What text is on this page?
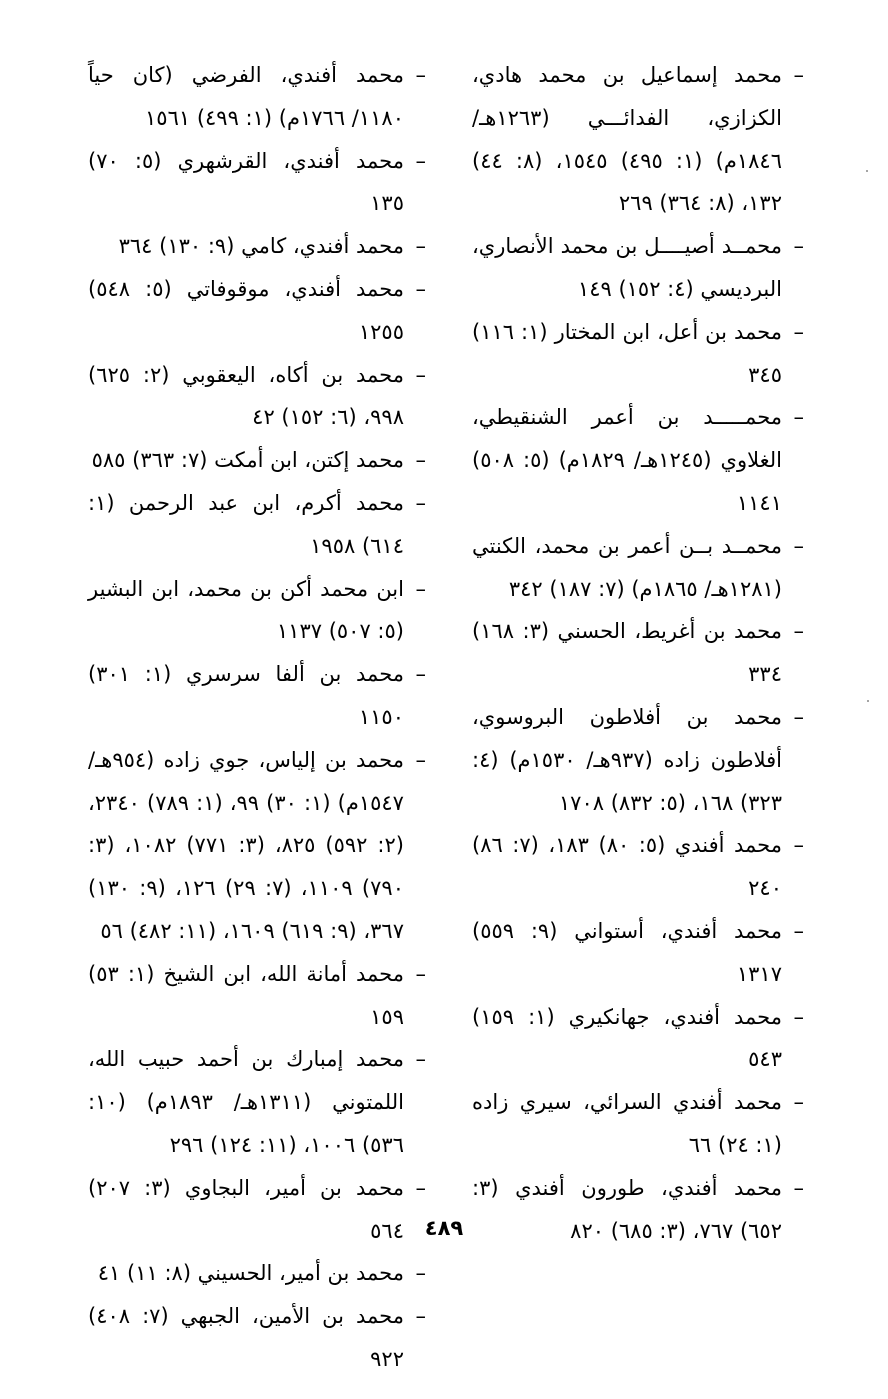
–
محمد إسماعيل بن محمد هادي، الكزازي، الفدائـــي (١٢٦٣هـ/ ١٨٤٦م) (١: ٤٩٥) ١٥٤٥، (٨: ٤٤) ١٣٢، (٨: ٣٦٤) ٢٦٩
–
محمــد أصيــــل بن محمد الأنصاري، البرديسي (٤: ١٥٢) ١٤٩
–
محمد بن أعل، ابن المختار (١: ١١٦) ٣٤٥
–
محمـــــد بن أعمر الشنقيطي، الغلاوي (١٢٤٥هـ/ ١٨٢٩م) (٥: ٥٠٨) ١١٤١
–
محمــد بــن أعمر بن محمد، الكنتي (١٢٨١هـ/ ١٨٦٥م) (٧: ١٨٧) ٣٤٢
–
محمد بن أغريط، الحسني (٣: ١٦٨) ٣٣٤
–
محمد بن أفلاطون البروسوي، أفلاطون زاده (٩٣٧هـ/ ١٥٣٠م) (٤: ٣٢٣) ١٦٨، (٥: ٨٣٢) ١٧٠٨
–
محمد أفندي (٥: ٨٠) ١٨٣، (٧: ٨٦) ٢٤٠
–
محمد أفندي، أستواني (٩: ٥٥٩) ١٣١٧
–
محمد أفندي، جهانكيري (١: ١٥٩) ٥٤٣
–
محمد أفندي السرائي، سيري زاده (١: ٢٤) ٦٦
–
محمد أفندي، طورون أفندي (٣: ٦٥٢) ٧٦٧، (٣: ٦٨٥) ٨٢٠
–
محمد أفندي، الفرضي (كان حياً ١١٨٠/ ١٧٦٦م) (١: ٤٩٩) ١٥٦١
–
محمد أفندي، القرشهري (٥: ٧٠) ١٣٥
–
محمد أفندي، كامي (٩: ١٣٠) ٣٦٤
–
محمد أفندي، موقوفاتي (٥: ٥٤٨) ١٢٥٥
–
محمد بن أكاه، اليعقوبي (٢: ٦٢٥) ٩٩٨، (٦: ١٥٢) ٤٢
–
محمد إكتن، ابن أمكت (٧: ٣٦٣) ٥٨٥
–
محمد أكرم، ابن عبد الرحمن (١: ٦١٤) ١٩٥٨
–
ابن محمد أكن بن محمد، ابن البشير (٥: ٥٠٧) ١١٣٧
–
محمد بن ألفا سرسري (١: ٣٠١) ١١٥٠
–
محمد بن إلياس، جوي زاده (٩٥٤هـ/ ١٥٤٧م) (١: ٣٠) ٩٩، (١: ٧٨٩) ٢٣٤٠، (٢: ٥٩٢) ٨٢٥، (٣: ٧٧١) ١٠٨٢، (٣: ٧٩٠) ١١٠٩، (٧: ٢٩) ١٢٦، (٩: ١٣٠) ٣٦٧، (٩: ٦١٩) ١٦٠٩، (١١: ٤٨٢) ٥٦
–
محمد أمانة الله، ابن الشيخ (١: ٥٣) ١٥٩
–
محمد إمبارك بن أحمد حبيب الله، اللمتوني (١٣١١هـ/ ١٨٩٣م) (١٠: ٥٣٦) ١٠٠٦، (١١: ١٢٤) ٢٩٦
–
محمد بن أمير، البجاوي (٣: ٢٠٧) ٥٦٤
–
محمد بن أمير، الحسيني (٨: ١١) ٤١
–
محمد بن الأمين، الجبهي (٧: ٤٠٨) ٩٢٢
٤٨٩
